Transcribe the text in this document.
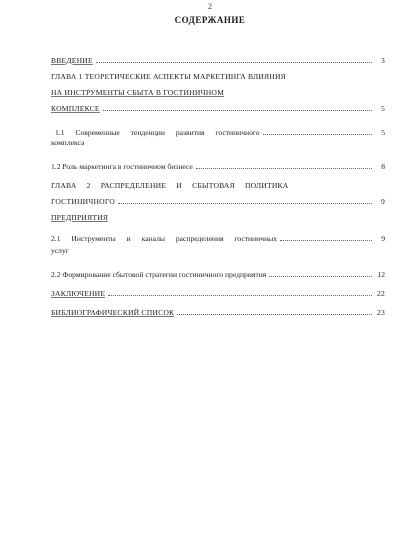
2
СОДЕРЖАНИЕ
ВВЕДЕНИЕ	3
ГЛАВА 1 ТЕОРЕТИЧЕСКИЕ АСПЕКТЫ МАРКЕТИНГА ВЛИЯНИЯ
НА ИНСТРУМЕНТЫ СБЫТА В ГОСТИНИЧНОМ
КОМПЛЕКСЕ	5
1.1 Современные тенденции развития гостиничного	5
комплекса
1.2 Роль маркетинга в гостиничном бизнесе	8
ГЛАВА 2 РАСПРЕДЕЛЕНИЕ И СБЫТОВАЯ ПОЛИТИКА
ГОСТИНИЧНОГО	9
ПРЕДПРИЯТИЯ
2.1 Инструменты и каналы распределения гостиничных	9
услуг
2.2 Формирование сбытовой стратегии гостиничного предприятия	12
ЗАКЛЮЧЕНИЕ	22
БИБЛИОГРАФИЧЕСКИЙ СПИСОК	23
